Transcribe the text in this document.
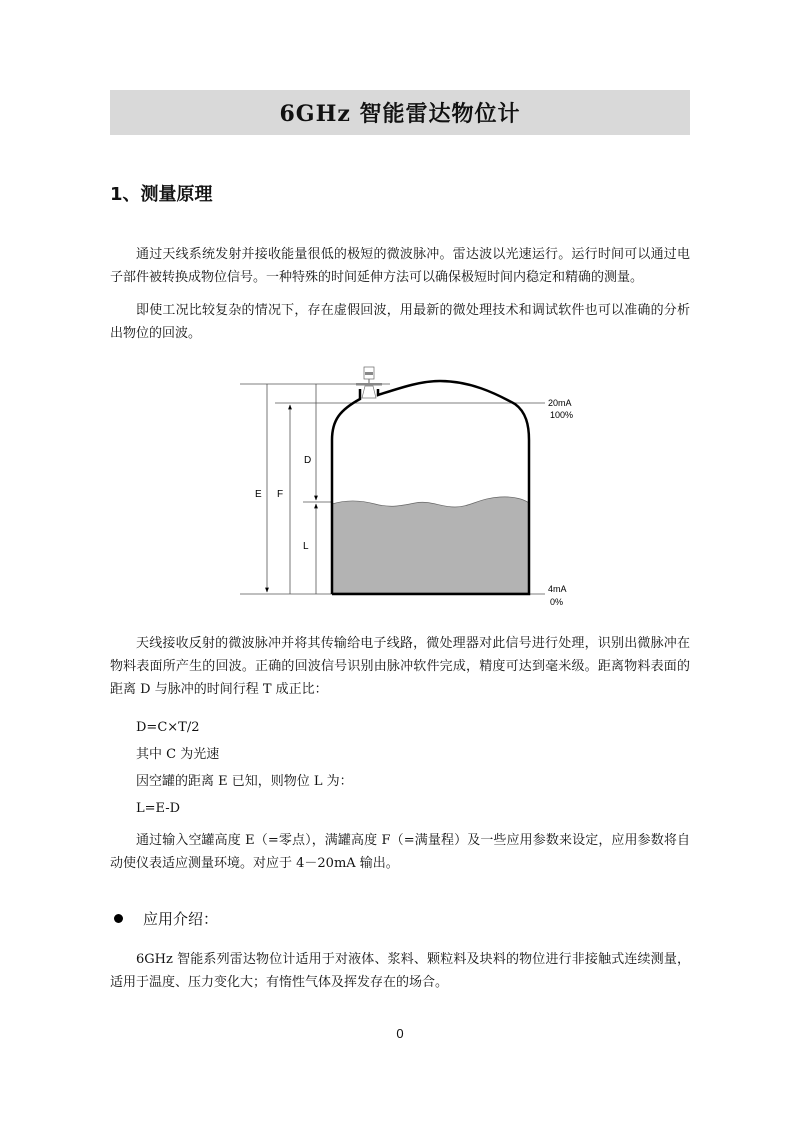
6GHz 智能雷达物位计
1、测量原理
通过天线系统发射并接收能量很低的极短的微波脉冲。雷达波以光速运行。运行时间可以通过电子部件被转换成物位信号。一种特殊的时间延伸方法可以确保极短时间内稳定和精确的测量。
即使工况比较复杂的情况下，存在虚假回波，用最新的微处理技术和调试软件也可以准确的分析出物位的回波。
E F
D
L
20mA
100%
4mA
0%
天线接收反射的微波脉冲并将其传输给电子线路，微处理器对此信号进行处理，识别出微脉冲在物料表面所产生的回波。正确的回波信号识别由脉冲软件完成，精度可达到毫米级。距离物料表面的距离 D 与脉冲的时间行程 T 成正比：
D=C×T/2
其中 C 为光速
因空罐的距离 E 已知，则物位 L 为：
L=E-D
通过输入空罐高度 E（=零点），满罐高度 F（=满量程）及一些应用参数来设定，应用参数将自动使仪表适应测量环境。对应于 4－20mA 输出。
应用介绍：
6GHz 智能系列雷达物位计适用于对液体、浆料、颗粒料及块料的物位进行非接触式连续测量，适用于温度、压力变化大；有惰性气体及挥发存在的场合。
0
